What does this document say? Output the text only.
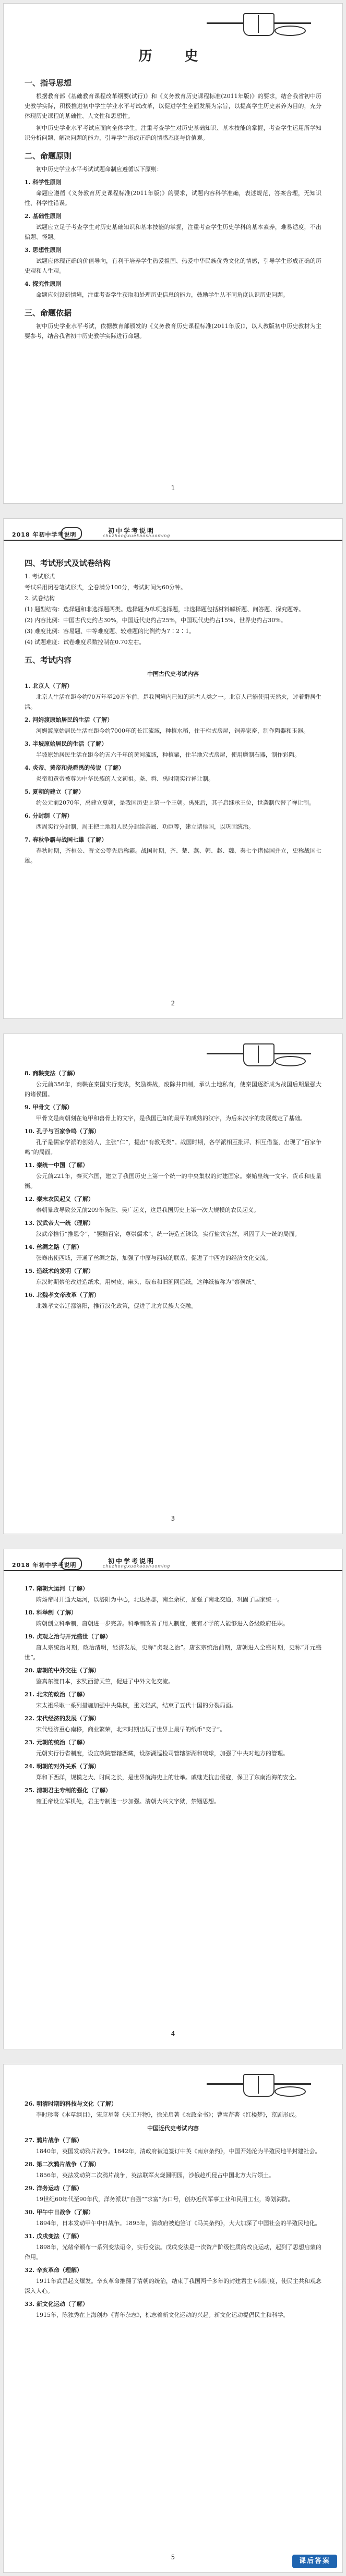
历　史
一、指导思想

根据教育部《基础教育课程改革纲要(试行)》和《义务教育历史课程标准(2011年版)》的要求，结合我省初中历史教学实际，积极推进初中学生学业水平考试改革，以促进学生全面发展为宗旨，以提高学生历史素养为目的，充分体现历史课程的基础性、人文性和思想性。

初中历史学业水平考试应面向全体学生，注重考查学生对历史基础知识、基本技能的掌握，考查学生运用所学知识分析问题、解决问题的能力，引导学生形成正确的情感态度与价值观。

二、命题原则

初中历史学业水平考试试题命制应遵循以下原则：

1. 科学性原则

命题应遵循《义务教育历史课程标准(2011年版)》的要求，试题内容科学准确，表述规范，答案合理，无知识性、科学性错误。

2. 基础性原则

试题应立足于考查学生对历史基础知识和基本技能的掌握，注重考查学生历史学科的基本素养，难易适度，不出偏题、怪题。

3. 思想性原则

试题应体现正确的价值导向，有利于培养学生热爱祖国、热爱中华民族优秀文化的情感，引导学生形成正确的历史观和人生观。

4. 探究性原则

命题应创设新情境，注重考查学生获取和处理历史信息的能力，鼓励学生从不同角度认识历史问题。

三、命题依据

初中历史学业水平考试，依据教育部颁发的《义务教育历史课程标准(2011年版)》，以人教版初中历史教材为主要参考，结合我省初中历史教学实际进行命题。

1
2018 年初中学考说明
初中学考说明
chuzhongxuekaoshuoming
四、考试形式及试卷结构

1. 考试形式

考试采用闭卷笔试形式，全卷满分100分，考试时间为60分钟。

2. 试卷结构

(1) 题型结构：选择题和非选择题两类。选择题为单项选择题，非选择题包括材料解析题、问答题、探究题等。

(2) 内容比例：中国古代史约占30%，中国近代史约占25%，中国现代史约占15%，世界史约占30%。

(3) 难度比例：容易题、中等难度题、较难题的比例约为7∶2∶1。

(4) 试题难度：试卷难度系数控制在0.70左右。

五、考试内容

中国古代史考试内容

1. 北京人（了解）

北京人生活在距今约70万年至20万年前，是我国境内已知的远古人类之一。北京人已能使用天然火，过着群居生活。

2. 河姆渡原始居民的生活（了解）

河姆渡原始居民生活在距今约7000年的长江流域，种植水稻，住干栏式房屋，饲养家畜，制作陶器和玉器。

3. 半坡原始居民的生活（了解）

半坡原始居民生活在距今约五六千年的黄河流域，种植粟，住半地穴式房屋，使用磨制石器，制作彩陶。

4. 炎帝、黄帝和尧舜禹的传说（了解）

炎帝和黄帝被尊为中华民族的人文初祖。尧、舜、禹时期实行禅让制。

5. 夏朝的建立（了解）

约公元前2070年，禹建立夏朝，是我国历史上第一个王朝。禹死后，其子启继承王位，世袭制代替了禅让制。

6. 分封制（了解）

西周实行分封制，周王把土地和人民分封给亲属、功臣等，建立诸侯国，以巩固统治。

7. 春秋争霸与战国七雄（了解）

春秋时期，齐桓公、晋文公等先后称霸。战国时期，齐、楚、燕、韩、赵、魏、秦七个诸侯国并立，史称战国七雄。

2

8. 商鞅变法（了解）

公元前356年，商鞅在秦国实行变法，奖励耕战，废除井田制，承认土地私有，使秦国逐渐成为战国后期最强大的诸侯国。

9. 甲骨文（了解）

甲骨文是商朝刻在龟甲和兽骨上的文字，是我国已知的最早的成熟的汉字，为后来汉字的发展奠定了基础。

10. 孔子与百家争鸣（了解）

孔子是儒家学派的创始人，主张“仁”，提出“有教无类”。战国时期，各学派相互批评、相互借鉴，出现了“百家争鸣”的局面。

11. 秦统一中国（了解）

公元前221年，秦灭六国，建立了我国历史上第一个统一的中央集权的封建国家。秦始皇统一文字、货币和度量衡。

12. 秦末农民起义（了解）

秦朝暴政导致公元前209年陈胜、吴广起义，这是我国历史上第一次大规模的农民起义。

13. 汉武帝大一统（理解）

汉武帝推行“推恩令”，“罢黜百家，尊崇儒术”，统一铸造五铢钱，实行盐铁官营，巩固了大一统的局面。

14. 丝绸之路（了解）

张骞出使西域，开通了丝绸之路，加强了中原与西域的联系，促进了中西方的经济文化交流。

15. 造纸术的发明（了解）

东汉时期蔡伦改进造纸术，用树皮、麻头、破布和旧渔网造纸，这种纸被称为“蔡侯纸”。

16. 北魏孝文帝改革（了解）

北魏孝文帝迁都洛阳，推行汉化政策，促进了北方民族大交融。

3
2018 年初中学考说明
初中学考说明
chuzhongxuekaoshuoming

17. 隋朝大运河（了解）

隋炀帝时开通大运河，以洛阳为中心，北达涿郡，南至余杭，加强了南北交通，巩固了国家统一。

18. 科举制（了解）

隋朝创立科举制，唐朝进一步完善。科举制改善了用人制度，使有才学的人能够进入各级政府任职。

19. 贞观之治与开元盛世（了解）

唐太宗统治时期，政治清明，经济发展，史称“贞观之治”。唐玄宗统治前期，唐朝进入全盛时期，史称“开元盛世”。

20. 唐朝的中外交往（了解）

鉴真东渡日本，玄奘西游天竺，促进了中外文化交流。

21. 北宋的政治（了解）

宋太祖采取一系列措施加强中央集权，重文轻武，结束了五代十国的分裂局面。

22. 宋代经济的发展（了解）

宋代经济重心南移，商业繁荣，北宋时期出现了世界上最早的纸币“交子”。

23. 元朝的统治（了解）

元朝实行行省制度，设宣政院管辖西藏，设澎湖巡检司管辖澎湖和琉球，加强了中央对地方的管理。

24. 明朝的对外关系（了解）

郑和下西洋，规模之大、时间之长，是世界航海史上的壮举。戚继光抗击倭寇，保卫了东南沿海的安全。

25. 清朝君主专制的强化（了解）

雍正帝设立军机处，君主专制进一步加强。清朝大兴文字狱，禁锢思想。

4

26. 明清时期的科技与文化（了解）

李时珍著《本草纲目》，宋应星著《天工开物》，徐光启著《农政全书》；曹雪芹著《红楼梦》，京剧形成。

中国近代史考试内容

27. 鸦片战争（了解）

1840年，英国发动鸦片战争。1842年，清政府被迫签订中英《南京条约》，中国开始沦为半殖民地半封建社会。

28. 第二次鸦片战争（了解）

1856年，英法发动第二次鸦片战争，英法联军火烧圆明园，沙俄趁机侵占中国北方大片领土。

29. 洋务运动（了解）

19世纪60年代至90年代，洋务派以“自强”“求富”为口号，创办近代军事工业和民用工业，筹划海防。

30. 甲午中日战争（了解）

1894年，日本发动甲午中日战争。1895年，清政府被迫签订《马关条约》，大大加深了中国社会的半殖民地化。

31. 戊戌变法（了解）

1898年，光绪帝颁布一系列变法诏令，实行变法。戊戌变法是一次资产阶级性质的改良运动，起到了思想启蒙的作用。

32. 辛亥革命（理解）

1911年武昌起义爆发。辛亥革命推翻了清朝的统治，结束了我国两千多年的封建君主专制制度，使民主共和观念深入人心。

33. 新文化运动（了解）

1915年，陈独秀在上海创办《青年杂志》，标志着新文化运动的兴起。新文化运动提倡民主和科学。

5	课后答案
